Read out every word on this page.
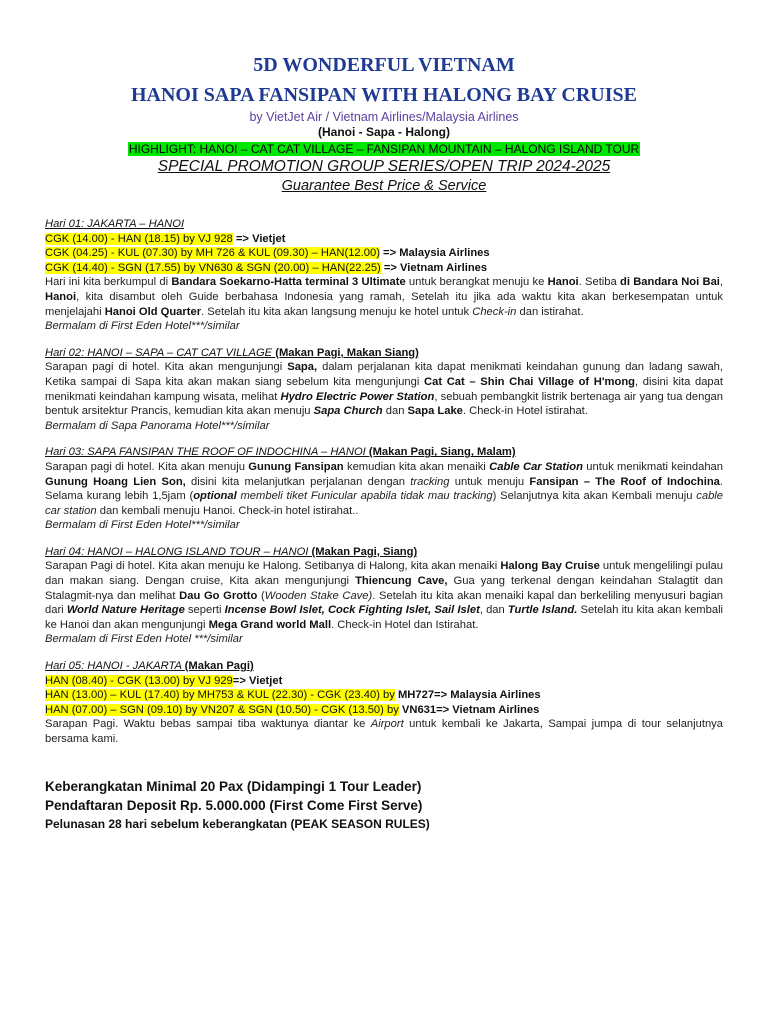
5D WONDERFUL VIETNAM
HANOI SAPA FANSIPAN WITH HALONG BAY CRUISE
by VietJet Air / Vietnam Airlines/Malaysia Airlines
(Hanoi - Sapa - Halong)
HIGHLIGHT: HANOI – CAT CAT VILLAGE – FANSIPAN MOUNTAIN – HALONG ISLAND TOUR
SPECIAL PROMOTION GROUP SERIES/OPEN TRIP 2024-2025
Guarantee Best Price & Service
Hari 01: JAKARTA – HANOI
CGK (14.00) - HAN (18.15) by VJ 928 => Vietjet
CGK (04.25) - KUL (07.30) by MH 726 & KUL (09.30) – HAN(12.00) => Malaysia Airlines
CGK (14.40) - SGN (17.55) by VN630 & SGN (20.00) – HAN(22.25) => Vietnam Airlines
Hari ini kita berkumpul di Bandara Soekarno-Hatta terminal 3 Ultimate untuk berangkat menuju ke Hanoi. Setiba di Bandara Noi Bai, Hanoi, kita disambut oleh Guide berbahasa Indonesia yang ramah, Setelah itu jika ada waktu kita akan berkesempatan untuk menjelajahi Hanoi Old Quarter. Setelah itu kita akan langsung menuju ke hotel untuk Check-in dan istirahat.
Bermalam di First Eden Hotel***/similar
Hari 02: HANOI – SAPA – CAT CAT VILLAGE (Makan Pagi, Makan Siang)
Sarapan pagi di hotel. Kita akan mengunjungi Sapa, dalam perjalanan kita dapat menikmati keindahan gunung dan ladang sawah, Ketika sampai di Sapa kita akan makan siang sebelum kita mengunjungi Cat Cat – Shin Chai Village of H'mong, disini kita dapat menikmati keindahan kampung wisata, melihat Hydro Electric Power Station, sebuah pembangkit listrik bertenaga air yang tua dengan bentuk arsitektur Prancis, kemudian kita akan menuju Sapa Church dan Sapa Lake. Check-in Hotel istirahat.
Bermalam di Sapa Panorama Hotel***/similar
Hari 03: SAPA FANSIPAN THE ROOF OF INDOCHINA – HANOI (Makan Pagi, Siang, Malam)
Sarapan pagi di hotel. Kita akan menuju Gunung Fansipan kemudian kita akan menaiki Cable Car Station untuk menikmati keindahan Gunung Hoang Lien Son, disini kita melanjutkan perjalanan dengan tracking untuk menuju Fansipan – The Roof of Indochina. Selama kurang lebih 1,5jam (optional membeli tiket Funicular apabila tidak mau tracking) Selanjutnya kita akan Kembali menuju cable car station dan kembali menuju Hanoi. Check-in hotel istirahat..
Bermalam di First Eden Hotel***/similar
Hari 04: HANOI – HALONG ISLAND TOUR – HANOI (Makan Pagi, Siang)
Sarapan Pagi di hotel. Kita akan menuju ke Halong. Setibanya di Halong, kita akan menaiki Halong Bay Cruise untuk mengelilingi pulau dan makan siang. Dengan cruise, Kita akan mengunjungi Thiencung Cave, Gua yang terkenal dengan keindahan Stalagtit dan Stalagmit-nya dan melihat Dau Go Grotto (Wooden Stake Cave). Setelah itu kita akan menaiki kapal dan berkeliling menyusuri bagian dari World Nature Heritage seperti Incense Bowl Islet, Cock Fighting Islet, Sail Islet, dan Turtle Island. Setelah itu kita akan kembali ke Hanoi dan akan mengunjungi Mega Grand world Mall. Check-in Hotel dan Istirahat.
Bermalam di First Eden Hotel ***/similar
Hari 05: HANOI - JAKARTA (Makan Pagi)
HAN (08.40) - CGK (13.00) by VJ 929=> Vietjet
HAN (13.00) – KUL (17.40) by MH753 & KUL (22.30) - CGK (23.40) by MH727=> Malaysia Airlines
HAN (07.00) – SGN (09.10) by VN207 & SGN (10.50) - CGK (13.50) by VN631=> Vietnam Airlines
Sarapan Pagi. Waktu bebas sampai tiba waktunya diantar ke Airport untuk kembali ke Jakarta, Sampai jumpa di tour selanjutnya bersama kami.
Keberangkatan Minimal 20 Pax (Didampingi 1 Tour Leader)
Pendaftaran Deposit Rp. 5.000.000 (First Come First Serve)
Pelunasan 28 hari sebelum keberangkatan (PEAK SEASON RULES)
